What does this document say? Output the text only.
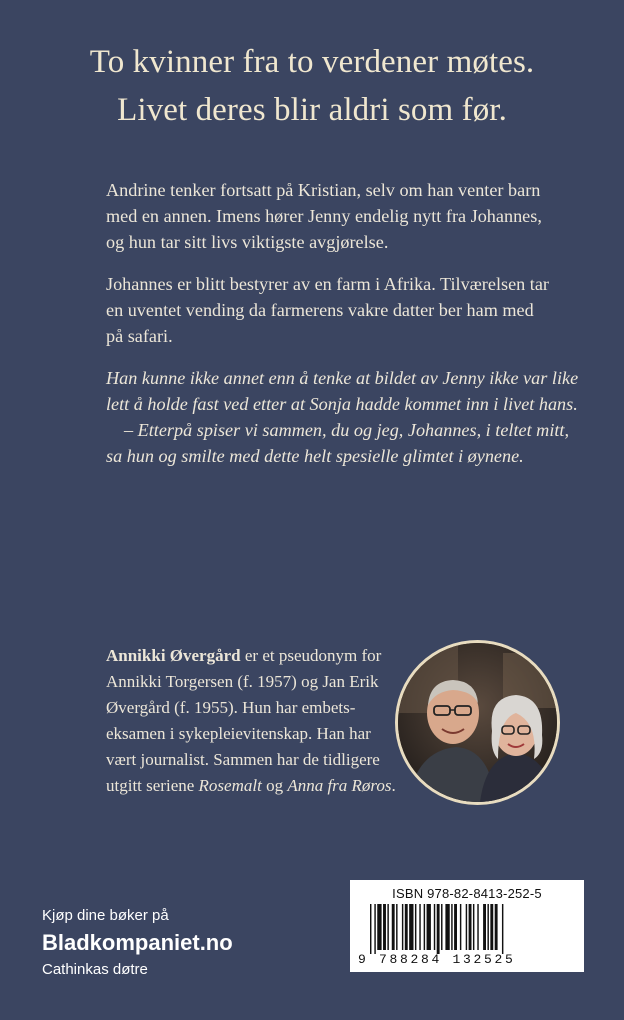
To kvinner fra to verdener møtes.
Livet deres blir aldri som før.

Andrine tenker fortsatt på Kristian, selv om han venter barn
med en annen. Imens hører Jenny endelig nytt fra Johannes,
og hun tar sitt livs viktigste avgjørelse.

Johannes er blitt bestyrer av en farm i Afrika. Tilværelsen tar
en uventet vending da farmerens vakre datter ber ham med
på safari.

Han kunne ikke annet enn å tenke at bildet av Jenny ikke var like
lett å holde fast ved etter at Sonja hadde kommet inn i livet hans.
– Etterpå spiser vi sammen, du og jeg, Johannes, i teltet mitt,
sa hun og smilte med dette helt spesielle glimtet i øynene.

Annikki Øvergård er et pseudonym for
Annikki Torgersen (f. 1957) og Jan Erik
Øvergård (f. 1955). Hun har embets-
eksamen i sykepleievitenskap. Han har
vært journalist. Sammen har de tidligere
utgitt serienе Rosemalt og Anna fra Røros.
Kjøp dine bøker på
Bladkompaniet.no
Cathinkas døtre
ISBN 978-82-8413-252-5
9 788284 132525
